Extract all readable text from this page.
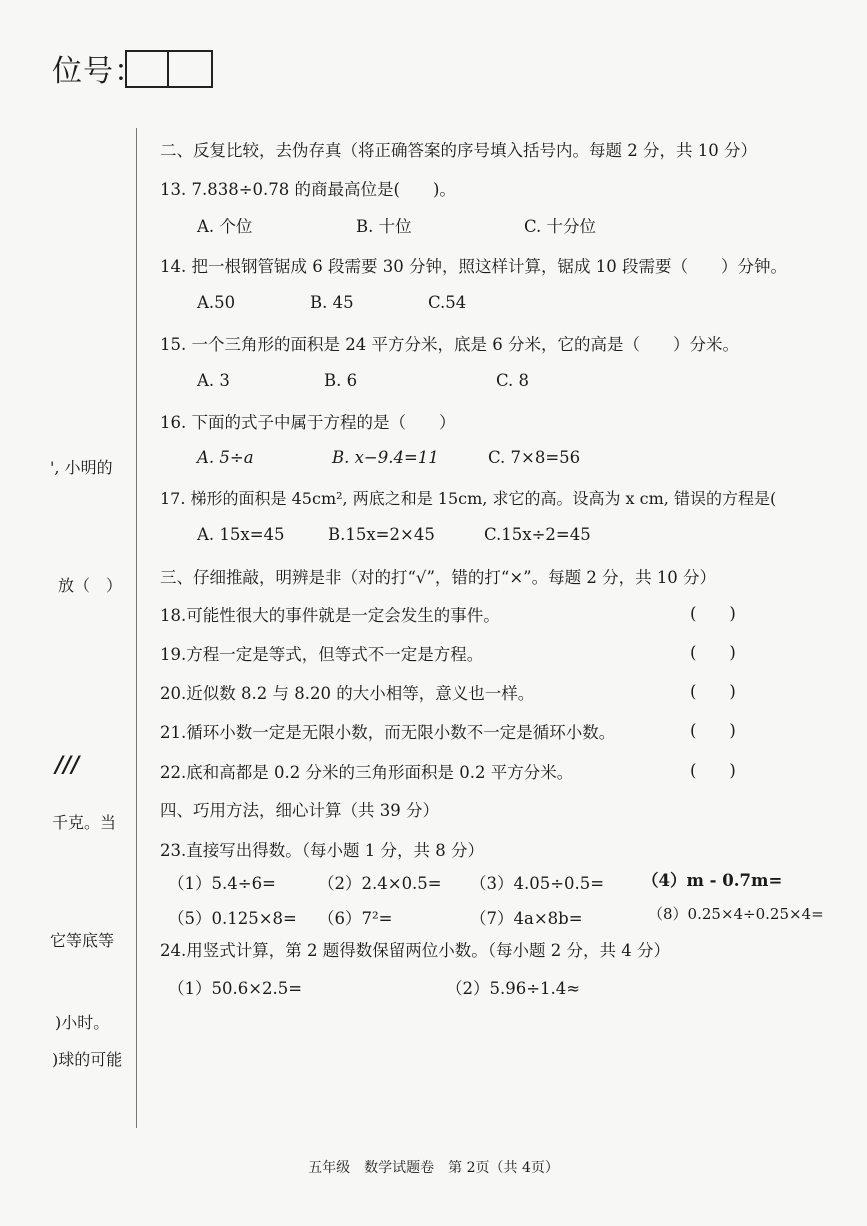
位号：
', 小明的
放（　）
///
千克。当
它等底等
)小时。
)球的可能
二、反复比较，去伪存真（将正确答案的序号填入括号内。每题 2 分，共 10 分）
13. 7.838÷0.78 的商最高位是(　　)。
A. 个位	B. 十位	C. 十分位
14. 把一根钢管锯成 6 段需要 30 分钟，照这样计算，锯成 10 段需要（　　）分钟。
A.50	B. 45	C.54
15. 一个三角形的面积是 24 平方分米，底是 6 分米，它的高是（　　）分米。
A. 3	B. 6	C. 8
16. 下面的式子中属于方程的是（　　）
A. 5÷a	B. x−9.4=11	C. 7×8=56
17. 梯形的面积是 45cm², 两底之和是 15cm, 求它的高。设高为 x cm, 错误的方程是(
A. 15x=45	B.15x=2×45	C.15x÷2=45
三、仔细推敲，明辨是非（对的打“√”，错的打“×”。每题 2 分，共 10 分）
18.可能性很大的事件就是一定会发生的事件。	(　　)
19.方程一定是等式，但等式不一定是方程。	(　　)
20.近似数 8.2 与 8.20 的大小相等，意义也一样。	(　　)
21.循环小数一定是无限小数，而无限小数不一定是循环小数。	(　　)
22.底和高都是 0.2 分米的三角形面积是 0.2 平方分米。	(　　)
四、巧用方法，细心计算（共 39 分）
23.直接写出得数。（每小题 1 分，共 8 分）
（1）5.4÷6=	（2）2.4×0.5= （3）4.05÷0.5= （4）m - 0.7m=
（5）0.125×8= （6）7²=	（7）4a×8b=	（8）0.25×4÷0.25×4=
24.用竖式计算，第 2 题得数保留两位小数。（每小题 2 分，共 4 分）
（1）50.6×2.5=	（2）5.96÷1.4≈
五年级　数学试题卷　第 2页（共 4页）
